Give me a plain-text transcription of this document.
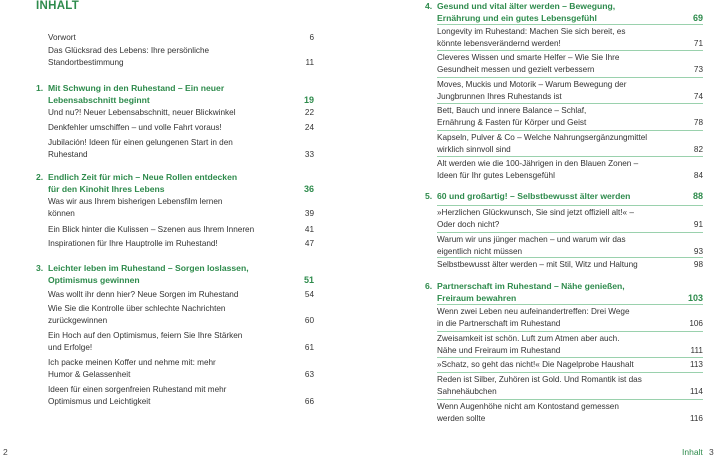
INHALT
Vorwort	6
Das Glücksrad des Lebens: Ihre persönliche
Standortbestimmung	11
1. Mit Schwung in den Ruhestand – Ein neuer
Lebensabschnitt beginnt	19
Und nu?! Neuer Lebensabschnitt, neuer Blickwinkel	22
Denkfehler umschiffen – und volle Fahrt voraus!	24
Jubilación! Ideen für einen gelungenen Start in den
Ruhestand	33
2. Endlich Zeit für mich – Neue Rollen entdecken
für den Kinohit Ihres Lebens	36
Was wir aus Ihrem bisherigen Lebensfilm lernen
können	39
Ein Blick hinter die Kulissen – Szenen aus Ihrem Inneren	41
Inspirationen für Ihre Hauptrolle im Ruhestand!	47
3. Leichter leben im Ruhestand – Sorgen loslassen,
Optimismus gewinnen	51
Was wollt ihr denn hier? Neue Sorgen im Ruhestand	54
Wie Sie die Kontrolle über schlechte Nachrichten
zurückgewinnen	60
Ein Hoch auf den Optimismus, feiern Sie Ihre Stärken
und Erfolge!	61
Ich packe meinen Koffer und nehme mit: mehr
Humor & Gelassenheit	63
Ideen für einen sorgenfreien Ruhestand mit mehr
Optimismus und Leichtigkeit	66
2
4. Gesund und vital älter werden – Bewegung,
Ernährung und ein gutes Lebensgefühl	69
Longevity im Ruhestand: Machen Sie sich bereit, es
könnte lebensverändernd werden!	71
Cleveres Wissen und smarte Helfer – Wie Sie Ihre
Gesundheit messen und gezielt verbessern	73
Moves, Muckis und Motorik – Warum Bewegung der
Jungbrunnen Ihres Ruhestands ist	74
Bett, Bauch und innere Balance – Schlaf,
Ernährung & Fasten für Körper und Geist	78
Kapseln, Pulver & Co – Welche Nahrungsergänzungmittel
wirklich sinnvoll sind	82
Alt werden wie die 100-Jährigen in den Blauen Zonen –
Ideen für Ihr gutes Lebensgefühl	84
5. 60 und großartig! – Selbstbewusst älter werden	88
»Herzlichen Glückwunsch, Sie sind jetzt offiziell alt!« –
Oder doch nicht?	91
Warum wir uns jünger machen – und warum wir das
eigentlich nicht müssen	93
Selbstbewusst älter werden – mit Stil, Witz und Haltung	98
6. Partnerschaft im Ruhestand – Nähe genießen,
Freiraum bewahren	103
Wenn zwei Leben neu aufeinandertreffen: Drei Wege
in die Partnerschaft im Ruhestand	106
Zweisamkeit ist schön. Luft zum Atmen aber auch.
Nähe und Freiraum im Ruhestand	111
»Schatz, so geht das nicht!« Die Nagelprobe Haushalt	113
Reden ist Silber, Zuhören ist Gold. Und Romantik ist das
Sahnehäubchen	114
Wenn Augenhöhe nicht am Kontostand gemessen
werden sollte	116
Inhalt 3
